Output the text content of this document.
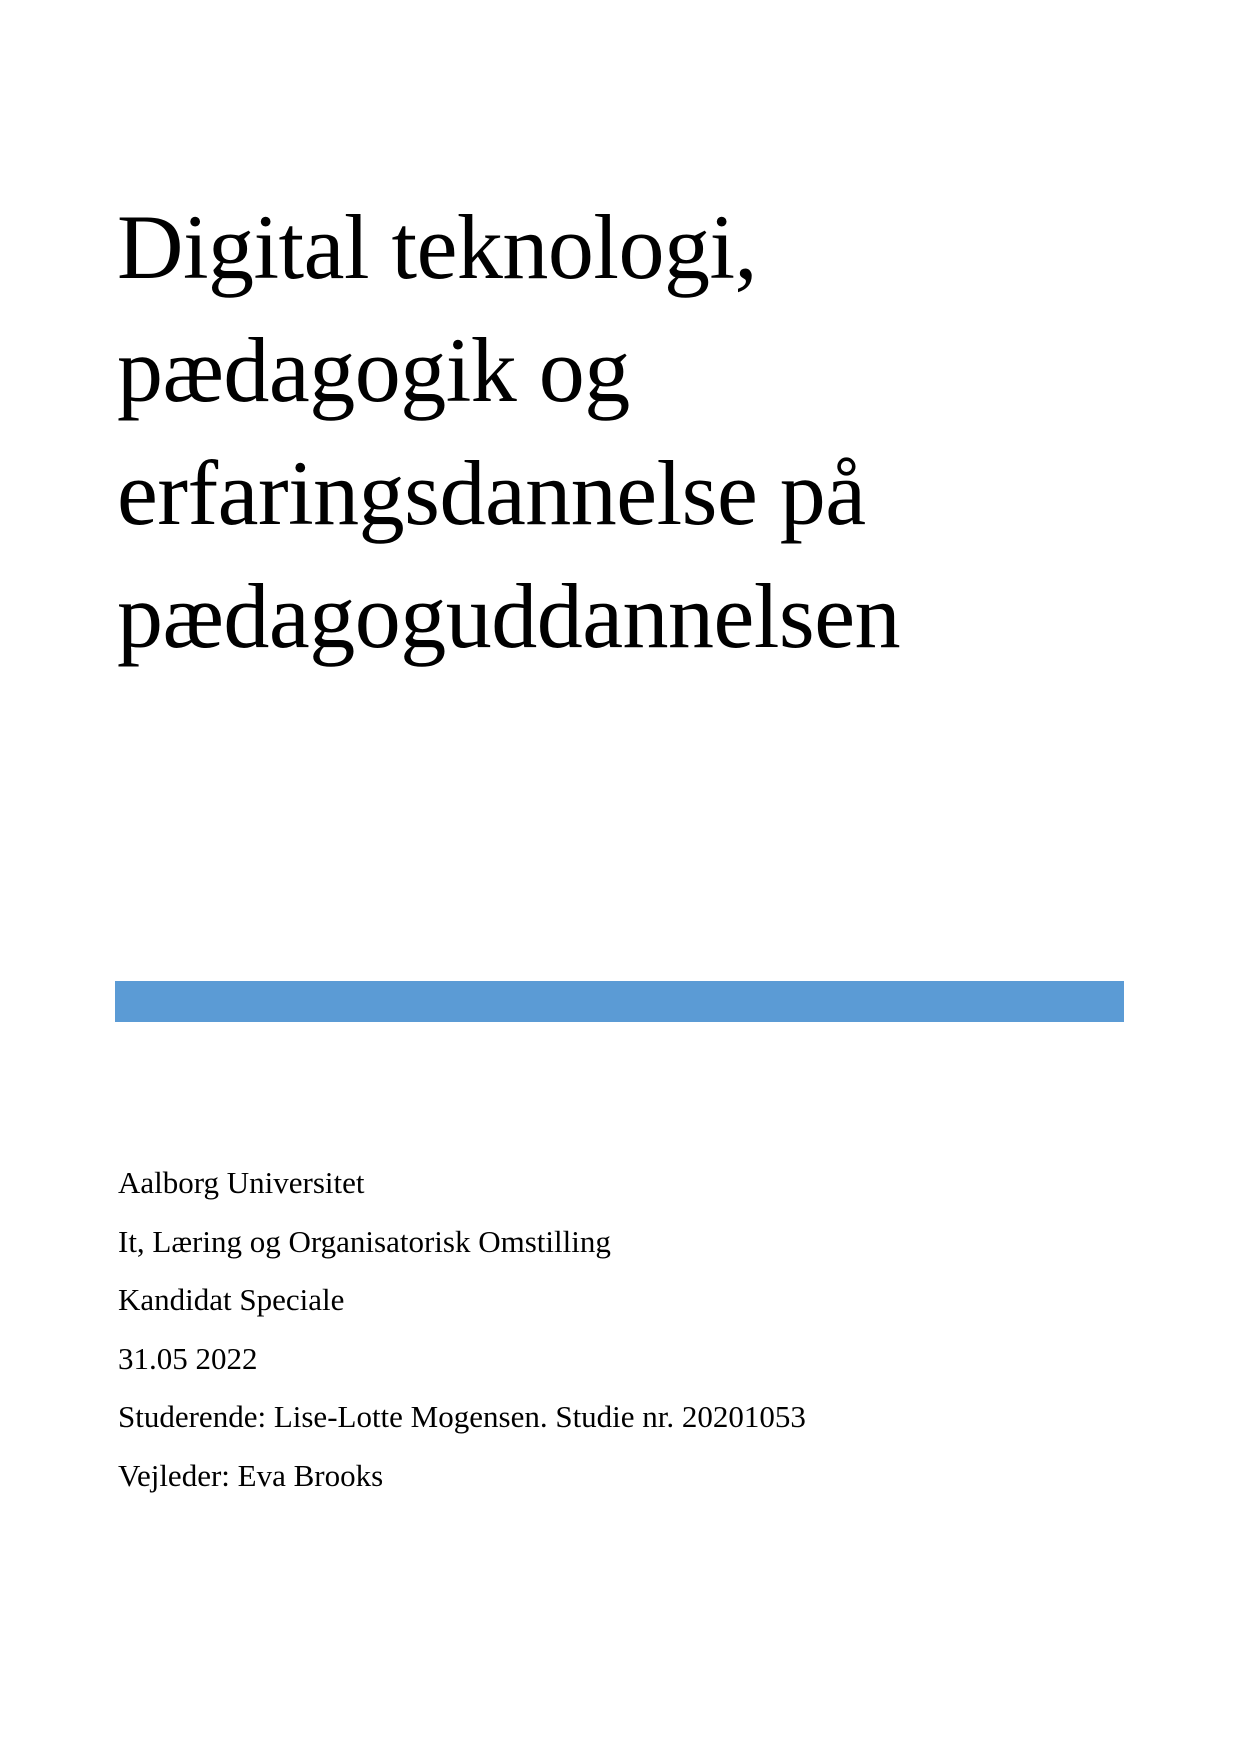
Digital teknologi,
pædagogik og
erfaringsdannelse på
pædagoguddannelsen
Aalborg Universitet
It, Læring og Organisatorisk Omstilling
Kandidat Speciale
31.05 2022
Studerende: Lise-Lotte Mogensen. Studie nr. 20201053
Vejleder: Eva Brooks
